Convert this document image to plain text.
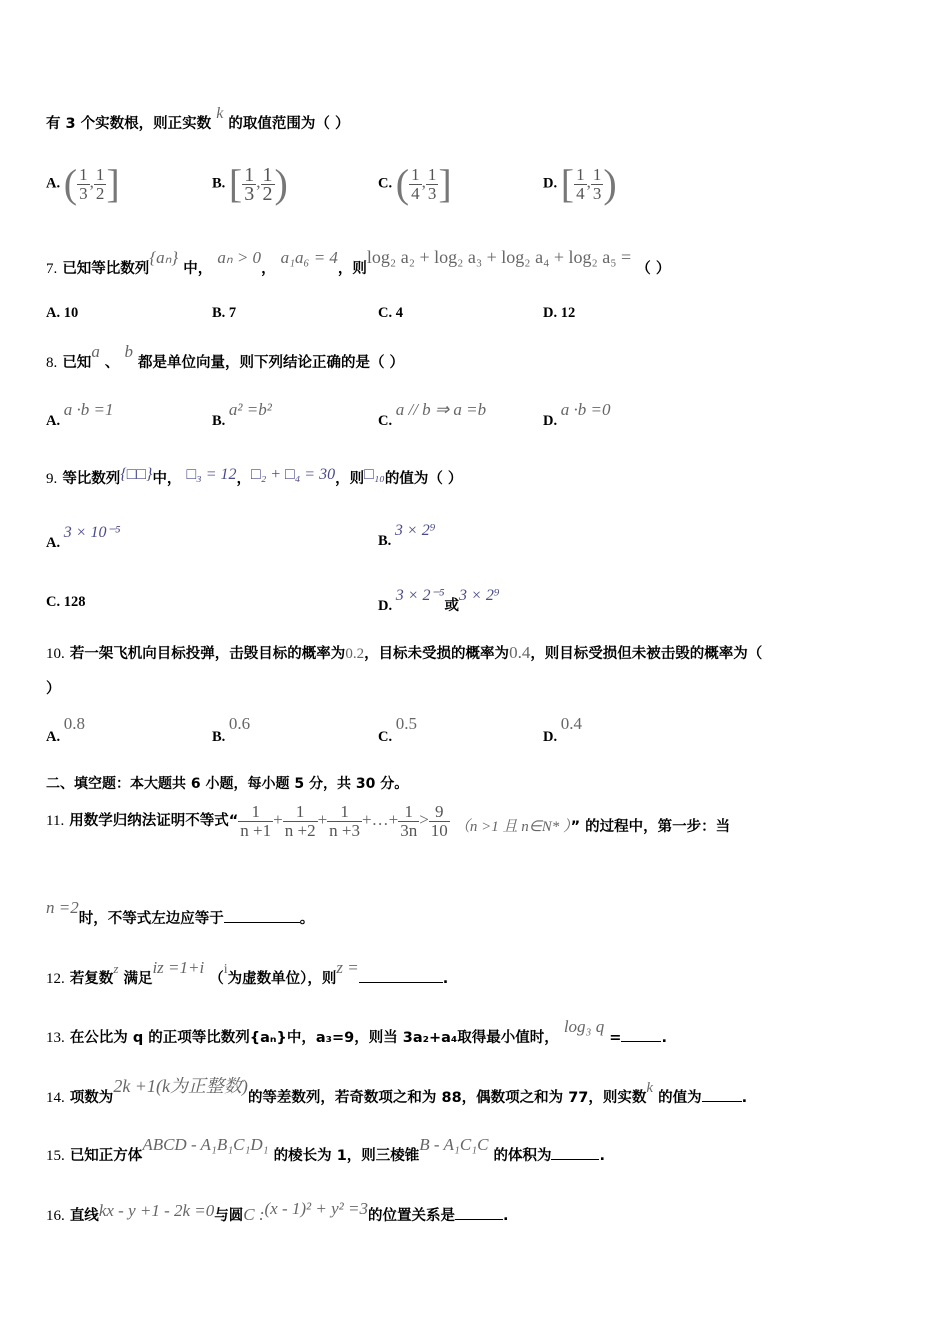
有 3 个实数根，则正实数 k 的取值范围为（ ）
A. ( $\frac{1}{3}$ , $\frac{1}{2}$ ]	B. [ $\frac{1}{3}$ , $\frac{1}{2}$ )	C. ( $\frac{1}{4}$ , $\frac{1}{3}$ ]	D. [ $\frac{1}{4}$ , $\frac{1}{3}$ )
7. 已知等比数列{aₙ} 中， aₙ > 0， a₁a₆ = 4，则log₂ a₂ + log₂ a₃ + log₂ a₄ + log₂ a₅ = （ ）
A. 10	B. 7	C. 4	D. 12
8. 已知a 、 b 都是单位向量，则下列结论正确的是（ ）
A. a ·b =1
B. a² =b²
C. a // b ⇒ a =b
D. a ·b =0
9. 等比数列{□□}中， □₃ = 12，□₂ + □₄ = 30，则□₁₀的值为（ ）
A. 3 × 10⁻⁵	B. 3 × 2⁹
C. 128	D. 3 × 2⁻⁵或3 × 2⁹
10. 若一架飞机向目标投弹，击毁目标的概率为0.2，目标未受损的概率为0.4，则目标受损但未被击毁的概率为（
）
A. 0.8
B. 0.6
C. 0.5
D. 0.4
二、填空题：本大题共 6 小题，每小题 5 分，共 30 分。
11. 用数学归纳法证明不等式“ $\frac{1}{n +1} + \frac{1}{n +2} + \frac{1}{n +3}$ +…+ $\frac{1}{3n} > \frac{9}{10} (n >1$ 且 n∈N* ）” 的过程中，第一步：当
n =2时，不等式左边应等于	。
12. 若复数z 满足iz =1+i （i为虚数单位），则z =.
13. 在公比为 q 的正项等比数列{aₙ}中，a₃=9，则当 3a₂+a₄取得最小值时， log₃ q =	.
14. 项数为2k +1(k为正整数)的等差数列，若奇数项之和为 88，偶数项之和为 77，则实数k 的值为	.
15. 已知正方体ABCD - A₁B₁C₁D₁ 的棱长为 1，则三棱锥B - A₁C₁C 的体积为	.
16. 直线kx - y +1 - 2k =0与圆C :(x - 1)² + y² =3的位置关系是	.
